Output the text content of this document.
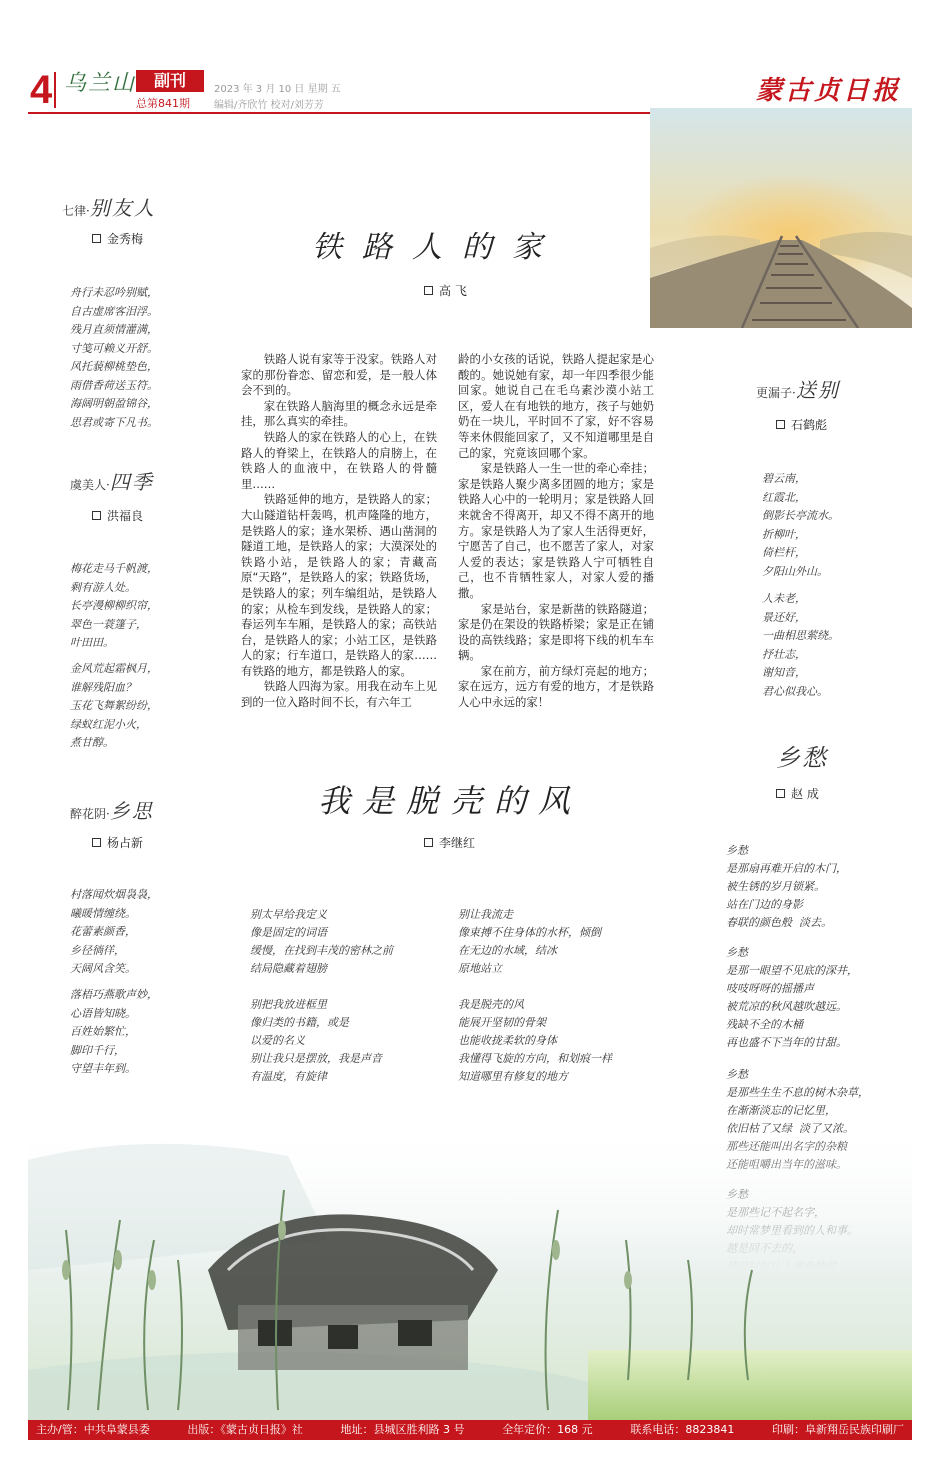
4 乌兰山	副刊
总第841期
2023 年 3 月 10 日 星期 五
编辑/齐欣竹 校对/刘芳芳	蒙古贞日报
七律·别友人
金秀梅
舟行未忍吟别赋，
自古虚席客泪浮。
残月直须情灌满，
寸笺可赖义开舒。
风托藐柳桃垫色，
雨借香荷送玉符。
海阔明朝盈锦谷，
思君或寄下凡书。
虞美人·四季
洪福良
梅花走马千帆渡，
剩有游人处。
长亭漫柳柳织帘，
翠色一蓑篷子，
叶田田。
金风荒起霜枫月，
谁解残阳血？
玉花飞舞絮纷纷，
绿蚁红泥小火，
煮甘醇。
醉花阴·乡思
杨占新
村落闻炊烟袅袅，
曦暖情缠绕。
花蕾素颜香，
乡径徜徉，
天阔风含笑。
落梧巧燕歌声妙，
心语皆知晓。
百姓始繁忙，
脚印千行，
守望丰年到。
铁路人的家
高 飞

铁路人说有家等于没家。铁路人对家的那份眷恋、留恋和爱，是一般人体会不到的。

家在铁路人脑海里的概念永远是牵挂，那么真实的牵挂。

铁路人的家在铁路人的心上，在铁路人的脊梁上，在铁路人的肩膀上，在铁路人的血液中，在铁路人的骨髓里……

铁路延伸的地方，是铁路人的家；大山隧道钻杆轰鸣，机声隆隆的地方，是铁路人的家；逢水架桥、遇山凿洞的隧道工地，是铁路人的家；大漠深处的铁路小站，是铁路人的家；青藏高原“天路”，是铁路人的家；铁路货场，是铁路人的家；列车编组站，是铁路人的家；从检车到发线，是铁路人的家；春运列车车厢，是铁路人的家；高铁站台，是铁路人的家；小站工区，是铁路人的家；行车道口，是铁路人的家……有铁路的地方，都是铁路人的家。

铁路人四海为家。用我在动车上见到的一位入路时间不长，有六年工

龄的小女孩的话说，铁路人提起家是心酸的。她说她有家，却一年四季很少能回家。她说自己在毛乌素沙漠小站工区，爱人在有地铁的地方，孩子与她奶奶在一块儿，平时回不了家，好不容易等来休假能回家了，又不知道哪里是自己的家，究竟该回哪个家。

家是铁路人一生一世的牵心牵挂；家是铁路人聚少离多团圆的地方；家是铁路人心中的一轮明月；家是铁路人回来就舍不得离开，却又不得不离开的地方。家是铁路人为了家人生活得更好，宁愿苦了自己，也不愿苦了家人，对家人爱的表达；家是铁路人宁可牺牲自己，也不肯牺牲家人，对家人爱的播撒。

家是站台，家是新凿的铁路隧道；家是仍在架设的铁路桥梁；家是正在铺设的高铁线路；家是即将下线的机车车辆。

家在前方，前方绿灯亮起的地方；家在远方，远方有爱的地方，才是铁路人心中永远的家！

我是脱壳的风
李继红
别太早给我定义
像是固定的词语
缓慢，在找到丰茂的密林之前
结局隐藏着翅膀
别把我放进框里
像归类的书籍，或是
以爱的名义
别让我只是摆放，我是声音
有温度，有旋律
别让我流走
像束搏不住身体的水杯，倾倒
在无边的水域，结冰
原地站立
我是脱壳的风
能展开坚韧的骨架
也能收拢柔软的身体
我懂得飞旋的方向，和划痕一样
知道哪里有修复的地方
更漏子·送别
石鹤彪
碧云南，
红霞北，
倒影长亭流水。
折柳叶，
倚栏杆，
夕阳山外山。
人未老，
景还好，
一曲相思萦绕。
抒壮志，
谢知音，
君心似我心。
乡愁
赵 成
乡愁
是那扇再难开启的木门，
被生锈的岁月锁紧。
站在门边的身影
春联的颜色般  淡去。
乡愁
是那一眼望不见底的深井，
吱吱呀呀的摇播声
被荒凉的秋风越吹越远。
残缺不全的木桶
再也盛不下当年的甘甜。
乡愁
是那些生生不息的树木杂草，
在渐渐淡忘的记忆里，

主办/管：中共阜蒙县委	出版：《蒙古贞日报》社	地址：县城区胜利路 3 号	全年定价：168 元	联系电话：8823841	印刷：阜新翔岳民族印刷厂
